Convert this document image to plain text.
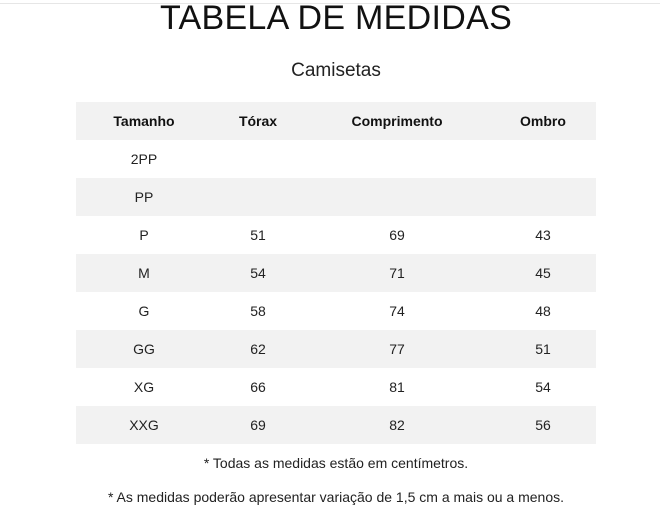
TABELA DE MEDIDAS
Camisetas
Tamanho	Tórax	Comprimento	Ombro
2PP			
PP			
P	51	69	43
M	54	71	45
G	58	74	48
GG	62	77	51
XG	66	81	54
XXG	69	82	56
* Todas as medidas estão em centímetros.
* As medidas poderão apresentar variação de 1,5 cm a mais ou a menos.
